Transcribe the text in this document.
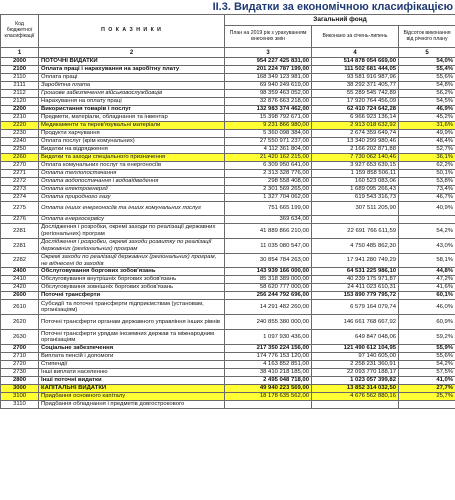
ІІ.3. Видатки за економічною класифікацією
Код бюджетної класифікації	П О К А З Н И К И	Загальний фонд		
		План на 2019 рік з урахуванням внесених змін	Виконано за січень-липень	Відсоток виконання від річного плану
1	2	3	4	5
2000	ПОТОЧНІ ВИДАТКИ	954 227 425 831,00	514 878 054 669,00	54,0%
2100	Оплата праці і нарахування на заробітну плату	201 224 787 199,00	111 502 681 444,05	55,4%
2110	Оплата праці	168 349 123 981,00	93 581 916 987,96	55,6%
2111	Заробітна плата	69 940 249 619,00	38 292 371 405,77	54,8%
2112	Грошове забезпечення військовослужбовців	98 359 463 052,00	55 289 545 742,89	56,2%
2120	Нарахування на оплату праці	32 876 663 218,00	17 920 764 456,09	54,5%
2200	Використання товарів і послуг	132 983 374 462,00	62 410 724 642,28	46,9%
2210	Предмети, матеріали, обладнання та інвентар	15 398 792 671,00	6 966 923 136,14	45,2%
2220	Медикаменти та перев'язувальні матеріали	9 231 866 980,00	2 913 018 632,92	31,6%
2230	Продукти харчування	5 360 098 384,00	2 674 359 649,74	49,9%
2240	Оплата послуг (крім комунальних)	27 550 971 237,00	13 340 299 980,46	48,4%
2250	Видатки на відрядження	4 112 361 804,00	2 166 202 871,88	52,7%
2260	Видатки та заходи спеціального призначення	21 420 162 215,00	7 730 062 140,46	36,1%
2270	Оплата комунальних послуг та енергоносіїв	6 309 950 641,00	3 927 653 639,15	62,2%
2271	Оплата теплопостачання	2 313 328 776,00	1 159 858 506,11	50,1%
2272	Оплата водопостачання і водовідведення	298 558 408,00	160 523 083,06	53,8%
2273	Оплата електроенергії	2 301 569 265,00	1 689 095 266,43	73,4%
2274	Оплата природного газу	1 327 704 062,00	619 543 316,73	46,7%
2275	Оплата інших енергоносіїв та інших комунальних послуг	751 665 199,00	307 511 205,90	40,9%
2276	Оплата енергосервісу	369 634,00		
2281	Дослідження і розробки, окремі заходи по реалізації державних (регіональних) програм	41 889 866 210,00	22 691 766 611,59	54,2%
2281	Дослідження і розробки, окремі заходи розвитку по реалізації державних (регіональних) програм	11 035 080 547,00	4 750 485 862,30	43,0%
2282	Окремі заходи по реалізації державних (регіональних) програм, не віднесені до заходів	30 854 784 263,00	17 941 280 749,29	58,1%
2400	Обслуговування боргових зобов'язань	143 939 166 000,00	64 531 225 986,10	44,8%
2410	Обслуговування внутрішніх боргових зобов'язань	85 318 389 000,00	40 239 175 971,87	47,2%
2420	Обслуговування зовнішніх боргових зобов'язань	58 620 777 000,00	24 411 023 610,31	41,6%
2600	Поточні трансферти	256 244 792 696,00	153 890 779 795,72	60,1%
2610	Субсидії та поточні трансферти підприємствам (установам, організаціям)	14 291 482 260,00	6 579 164 079,74	46,0%
2620	Поточні трансферти органам державного управління інших рівнів	240 855 380 000,00	146 661 768 667,92	60,9%
2630	Поточні трансферти урядам іноземних держав та міжнародним організаціям	1 097 930 436,00	649 847 048,06	59,2%
2700	Соціальне забезпечення	217 350 224 156,00	121 490 612 104,95	55,9%
2710	Виплата пенсій і допомоги	174 776 153 120,00	97 140 605,00	55,6%
2720	Стипендії	4 163 852 851,00	2 258 231 360,91	54,2%
2730	Інші виплати населенню	38 410 218 185,00	22 093 770 188,17	57,5%
2800	Інші поточні видатки	2 495 048 718,00	1 023 057 399,82	41,0%
3000	КАПІТАЛЬНІ ВИДАТКИ	49 940 223 569,00	13 852 314 032,50	27,7%
3100	Придбання основного капіталу	18 178 635 562,00	4 676 562 880,16	25,7%
3110	Придбання обладнання і предметів довгострокового			
